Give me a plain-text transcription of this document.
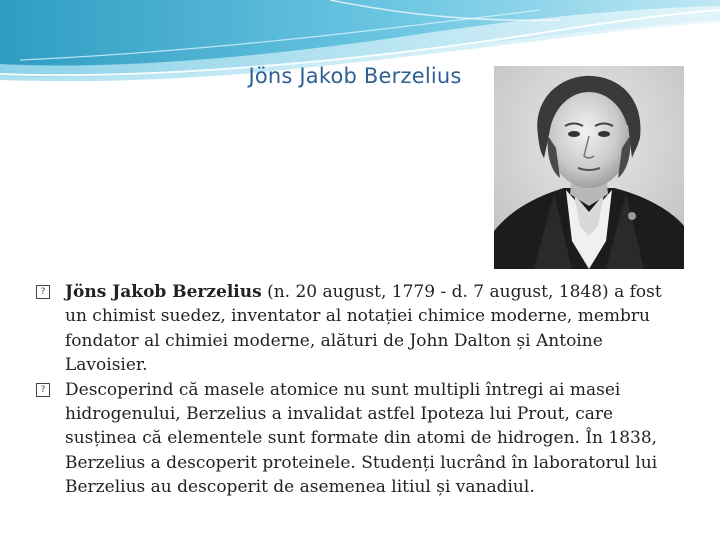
Jöns Jakob Berzelius

? Jöns Jakob Berzelius (n. 20 august, 1779 - d. 7 august, 1848) a fost un chimist suedez, inventator al notației chimice moderne, membru fondator al chimiei moderne, alături de John Dalton și Antoine Lavoisier.

? Descoperind că masele atomice nu sunt multipli întregi ai masei hidrogenului, Berzelius a invalidat astfel Ipoteza lui Prout, care susținea că elementele sunt formate din atomi de hidrogen. În 1838, Berzelius a descoperit proteinele. Studenți lucrând în laboratorul lui Berzelius au descoperit de asemenea litiul și vanadiul.
